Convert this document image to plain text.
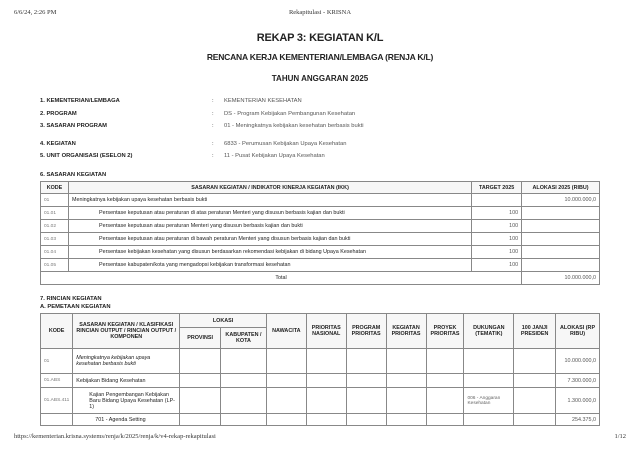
6/6/24, 2:26 PM	Rekapitulasi - KRISNA
REKAP 3: KEGIATAN K/L
RENCANA KERJA KEMENTERIAN/LEMBAGA (RENJA K/L)
TAHUN ANGGARAN 2025
1. KEMENTERIAN/LEMBAGA	: KEMENTERIAN KESEHATAN
2. PROGRAM	: DS - Program Kebijakan Pembangunan Kesehatan
3. SASARAN PROGRAM	: 01 - Meningkatnya kebijakan kesehatan berbasis bukti
4. KEGIATAN	: 6833 - Perumusan Kebijakan Upaya Kesehatan
5. UNIT ORGANISASI (ESELON 2)	: 11 - Pusat Kebijakan Upaya Kesehatan
6. SASARAN KEGIATAN
KODE	SASARAN KEGIATAN / INDIKATOR KINERJA KEGIATAN (IKK)	TARGET 2025	ALOKASI 2025 (RIBU)
01	Meningkatnya kebijakan upaya kesehatan berbasis bukti		10.000.000,0
01.01	Persentase keputusan atau peraturan di atas peraturan Menteri yang disusun berbasis kajian dan bukti	100	
01.02	Persentase keputusan atau peraturan Menteri yang disusun berbasis kajian dan bukti	100	
01.03	Persentase keputusan atau peraturan di bawah peraturan Menteri yang disusun berbasis kajian dan bukti	100	
01.04	Persentase kebijakan kesehatan yang disusun berdasarkan rekomendasi kebijakan di bidang Upaya Kesehatan	100	
01.05	Persentase kabupaten/kota yang mengadopsi kebijakan transformasi kesehatan	100	
Total			10.000.000,0
7. RINCIAN KEGIATAN
A. PEMETAAN KEGIATAN
KODE	SASARAN KEGIATAN / KLASIFIKASI RINCIAN OUTPUT / RINCIAN OUTPUT / KOMPONEN	LOKASI		NAWACITA	PRIORITAS NASIONAL	PROGRAM PRIORITAS	KEGIATAN PRIORITAS	PROYEK PRIORITAS	DUKUNGAN (TEMATIK)	100 JANJI PRESIDEN	ALOKASI (RP RIBU)
		PROVINSI	KABUPATEN / KOTA								
01	Meningkatnya kebijakan upaya kesehatan berbasis bukti										10.000.000,0
01.ABS	Kebijakan Bidang Kesehatan										7.300.000,0
01.ABS.411	Kajian Pengembangan Kebijakan Baru Bidang Upaya Kesehatan (LP-1)								006 - Anggaran Kesehatan		1.300.000,0
	701 - Agenda Setting										254.375,0
https://kementerian.krisna.systems/renja/k/2025/renja/k/v4-rekap-rekapitulasi	1/12
